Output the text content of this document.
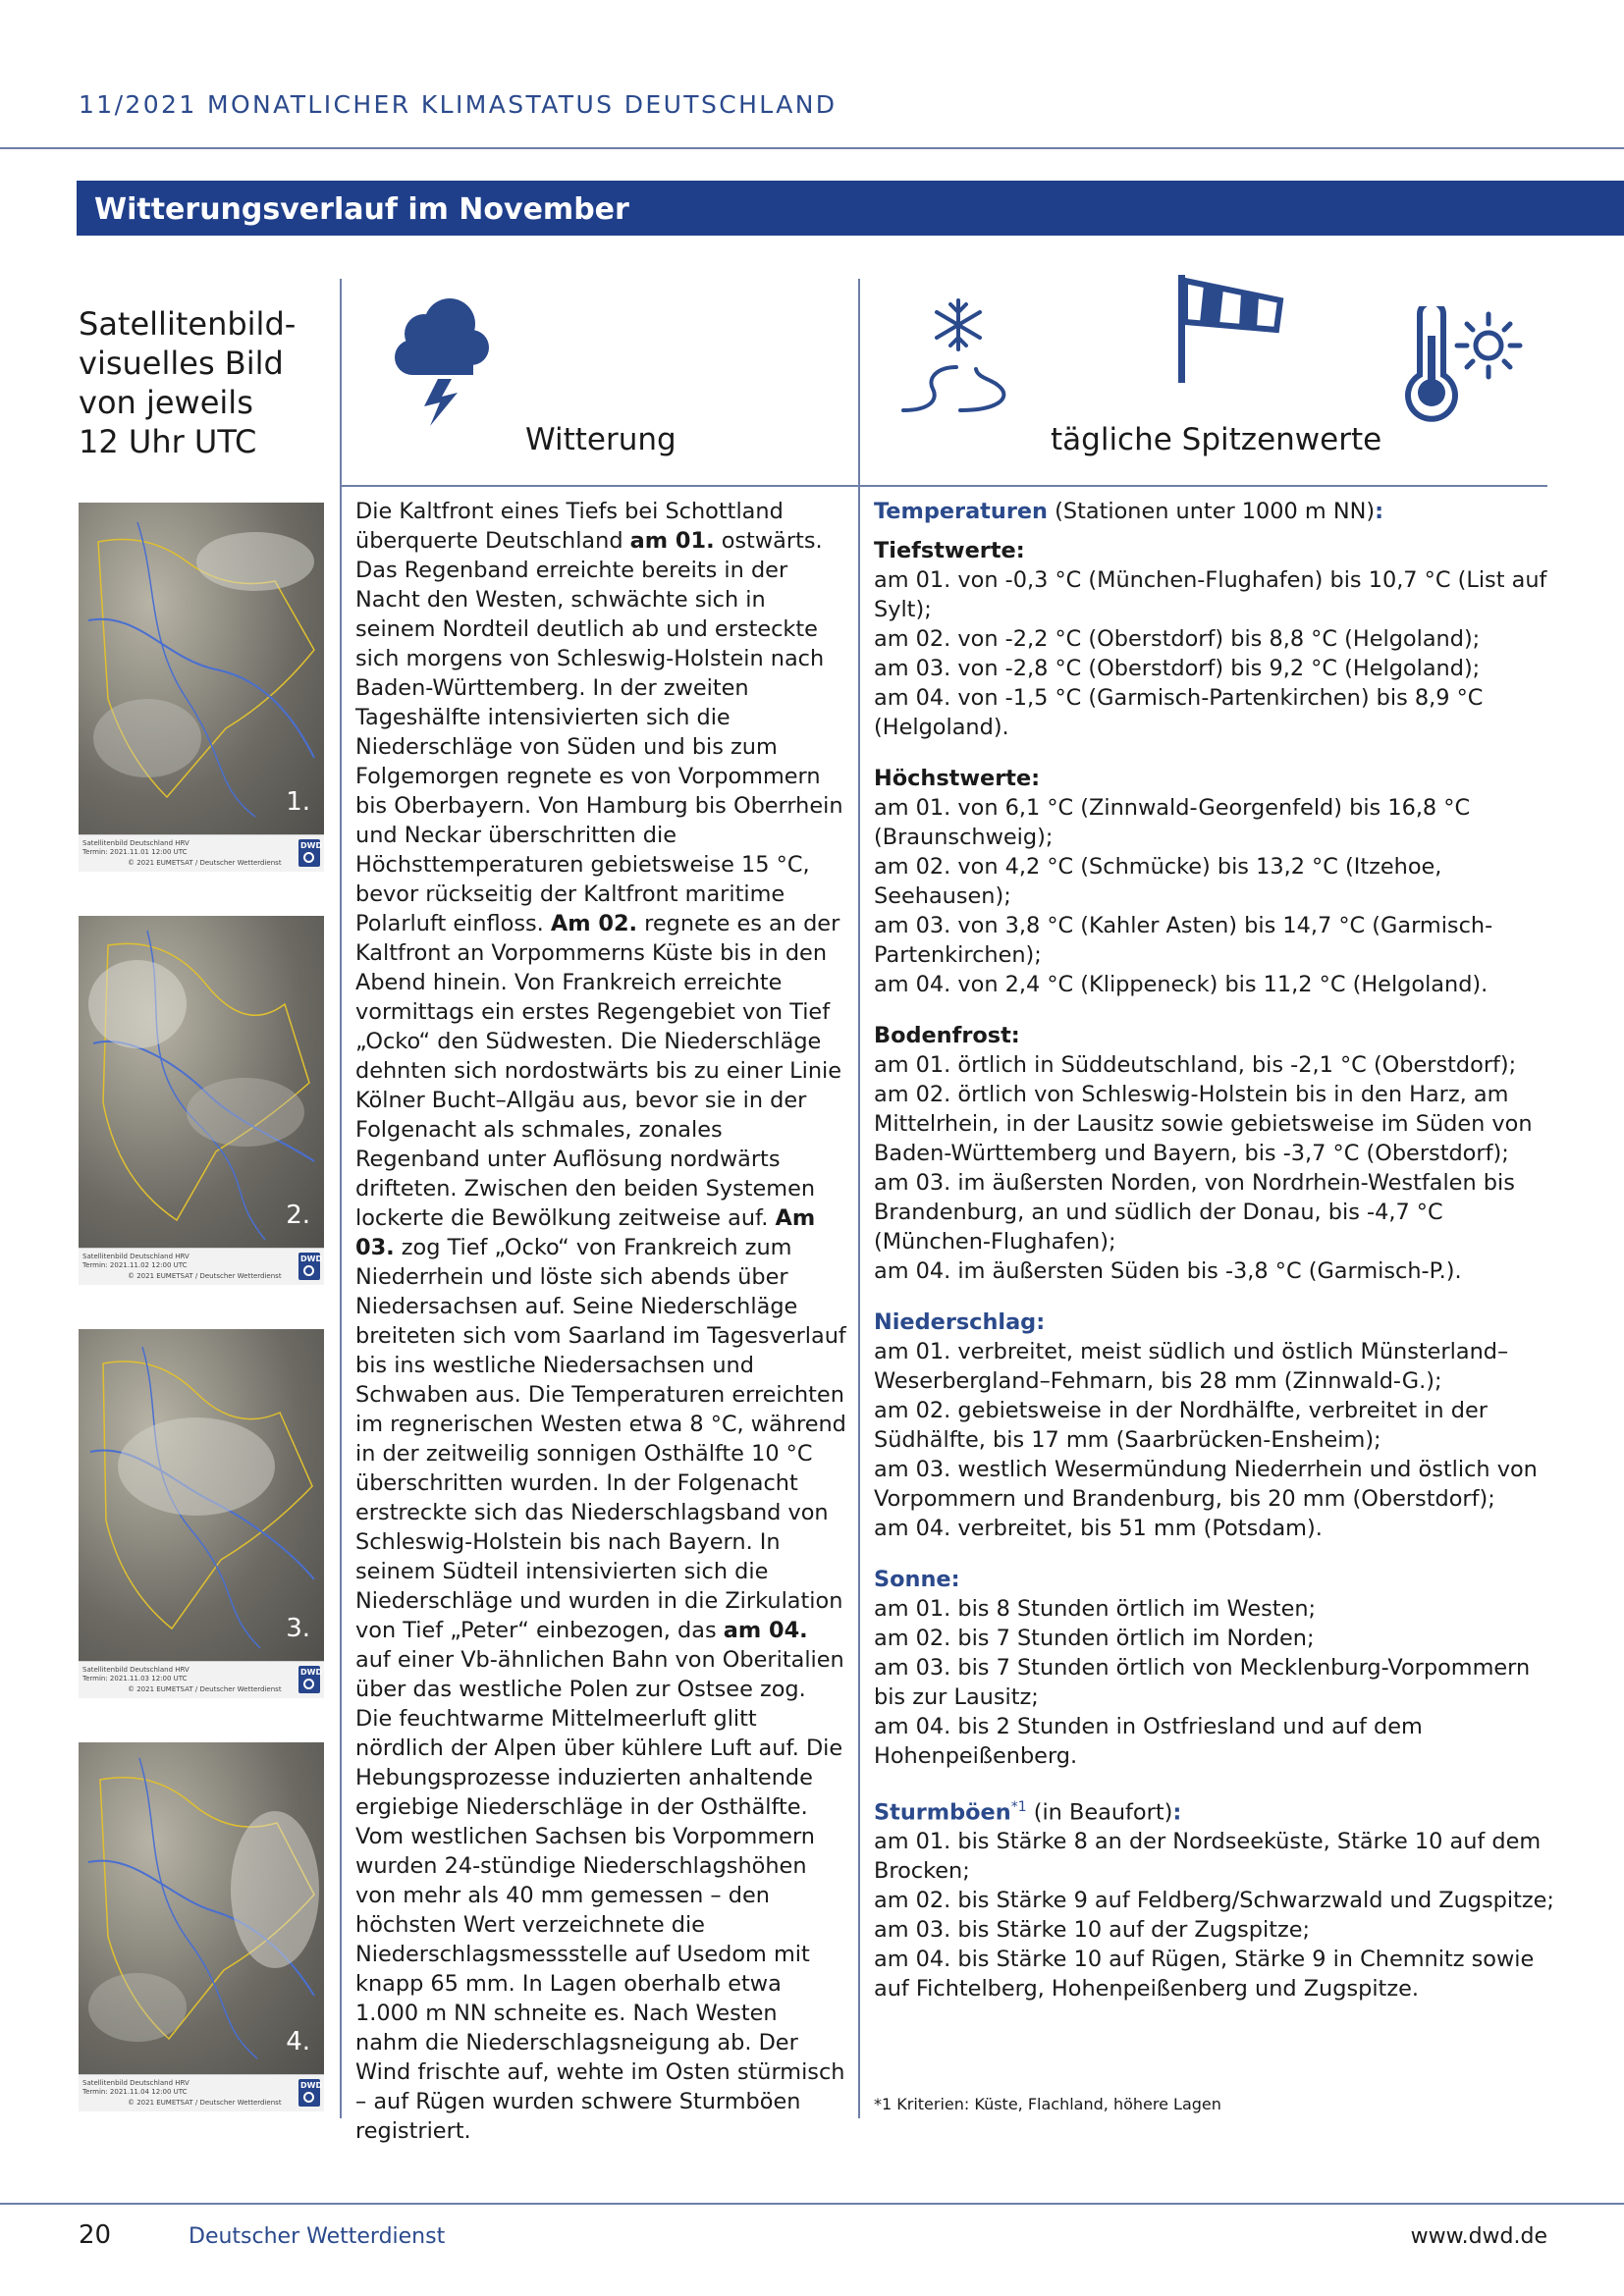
11/2021 MONATLICHER KLIMASTATUS DEUTSCHLAND
Witterungsverlauf im November
Satellitenbild-
visuelles Bild
von jeweils
12 Uhr UTC	Witterung	tägliche Spitzenwerte
1.
Satellitenbild Deutschland HRV
Termin: 2021.11.01 12:00 UTC
© 2021 EUMETSAT / Deutscher Wetterdienst
DWD
2.
Satellitenbild Deutschland HRV
Termin: 2021.11.02 12:00 UTC
© 2021 EUMETSAT / Deutscher Wetterdienst
DWD
3.
Satellitenbild Deutschland HRV
Termin: 2021.11.03 12:00 UTC
© 2021 EUMETSAT / Deutscher Wetterdienst
DWD
4.
Satellitenbild Deutschland HRV
Termin: 2021.11.04 12:00 UTC
© 2021 EUMETSAT / Deutscher Wetterdienst
DWD

Die Kaltfront eines Tiefs bei Schottland überquerte Deutschland am 01. ostwärts. Das Regenband erreichte bereits in der Nacht den Westen, schwächte sich in seinem Nordteil deutlich ab und ersteckte sich morgens von Schleswig-Holstein nach Baden-Württemberg. In der zweiten Tageshälfte intensivierten sich die Niederschläge von Süden und bis zum Folgemorgen regnete es von Vorpommern bis Oberbayern. Von Hamburg bis Oberrhein und Neckar überschritten die Höchsttemperaturen gebietsweise 15 °C, bevor rückseitig der Kaltfront maritime Polarluft einfloss. Am 02. regnete es an der Kaltfront an Vorpommerns Küste bis in den Abend hinein. Von Frankreich erreichte vormittags ein erstes Regengebiet von Tief „Ocko“ den Südwesten. Die Niederschläge dehnten sich nordostwärts bis zu einer Linie Kölner Bucht–Allgäu aus, bevor sie in der Folgenacht als schmales, zonales Regenband unter Auflösung nordwärts drifteten. Zwischen den beiden Systemen lockerte die Bewölkung zeitweise auf. Am 03. zog Tief „Ocko“ von Frankreich zum Niederrhein und löste sich abends über Niedersachsen auf. Seine Niederschläge breiteten sich vom Saarland im Tagesverlauf bis ins westliche Niedersachsen und Schwaben aus. Die Temperaturen erreichten im regnerischen Westen etwa 8 °C, während in der zeitweilig sonnigen Osthälfte 10 °C überschritten wurden. In der Folgenacht erstreckte sich das Niederschlagsband von Schleswig-Holstein bis nach Bayern. In seinem Südteil intensivierten sich die Niederschläge und wurden in die Zirkulation von Tief „Peter“ einbezogen, das am 04. auf einer Vb-ähnlichen Bahn von Oberitalien über das westliche Polen zur Ostsee zog. Die feuchtwarme Mittelmeerluft glitt nördlich der Alpen über kühlere Luft auf. Die Hebungsprozesse induzierten anhaltende ergiebige Niederschläge in der Osthälfte. Vom westlichen Sachsen bis Vorpommern wurden 24-stündige Niederschlagshöhen von mehr als 40 mm gemessen – den höchsten Wert verzeichnete die Niederschlagsmessstelle auf Usedom mit knapp 65 mm. In Lagen oberhalb etwa 1.000 m NN schneite es. Nach Westen nahm die Niederschlagsneigung ab. Der Wind frischte auf, wehte im Osten stürmisch – auf Rügen wurden schwere Sturmböen registriert.

Temperaturen (Stationen unter 1000 m NN):
Tiefstwerte:
am 01. von -0,3 °C (München-Flughafen) bis 10,7 °C (List auf Sylt);
am 02. von -2,2 °C (Oberstdorf) bis 8,8 °C (Helgoland);
am 03. von -2,8 °C (Oberstdorf) bis 9,2 °C (Helgoland);
am 04. von -1,5 °C (Garmisch-Partenkirchen) bis 8,9 °C (Helgoland).
Höchstwerte:
am 01. von 6,1 °C (Zinnwald-Georgenfeld) bis 16,8 °C (Braunschweig);
am 02. von 4,2 °C (Schmücke) bis 13,2 °C (Itzehoe, Seehausen);
am 03. von 3,8 °C (Kahler Asten) bis 14,7 °C (Garmisch-Partenkirchen);
am 04. von 2,4 °C (Klippeneck) bis 11,2 °C (Helgoland).
Bodenfrost:
am 01. örtlich in Süddeutschland, bis -2,1 °C (Oberstdorf);
am 02. örtlich von Schleswig-Holstein bis in den Harz, am Mittelrhein, in der Lausitz sowie gebietsweise im Süden von Baden-Württemberg und Bayern, bis -3,7 °C (Oberstdorf);
am 03. im äußersten Norden, von Nordrhein-Westfalen bis Brandenburg, an und südlich der Donau, bis -4,7 °C (München-Flughafen);
am 04. im äußersten Süden bis -3,8 °C (Garmisch-P.).
Niederschlag:
am 01. verbreitet, meist südlich und östlich Münsterland–Weserbergland–Fehmarn, bis 28 mm (Zinnwald-G.);
am 02. gebietsweise in der Nordhälfte, verbreitet in der Südhälfte, bis 17 mm (Saarbrücken-Ensheim);
am 03. westlich Wesermündung Niederrhein und östlich von Vorpommern und Brandenburg, bis 20 mm (Oberstdorf);
am 04. verbreitet, bis 51 mm (Potsdam).
Sonne:
am 01. bis 8 Stunden örtlich im Westen;
am 02. bis 7 Stunden örtlich im Norden;
am 03. bis 7 Stunden örtlich von Mecklenburg-Vorpommern bis zur Lausitz;
am 04. bis 2 Stunden in Ostfriesland und auf dem Hohenpeißenberg.
Sturmböen$^{*1}$ (in Beaufort):
am 01. bis Stärke 8 an der Nordseeküste, Stärke 10 auf dem Brocken;
am 02. bis Stärke 9 auf Feldberg/Schwarzwald und Zugspitze;
am 03. bis Stärke 10 auf der Zugspitze;
am 04. bis Stärke 10 auf Rügen, Stärke 9 in Chemnitz sowie auf Fichtelberg, Hohenpeißenberg und Zugspitze.
*1 Kriterien: Küste, Flachland, höhere Lagen
20	Deutscher Wetterdienst	www.dwd.de
